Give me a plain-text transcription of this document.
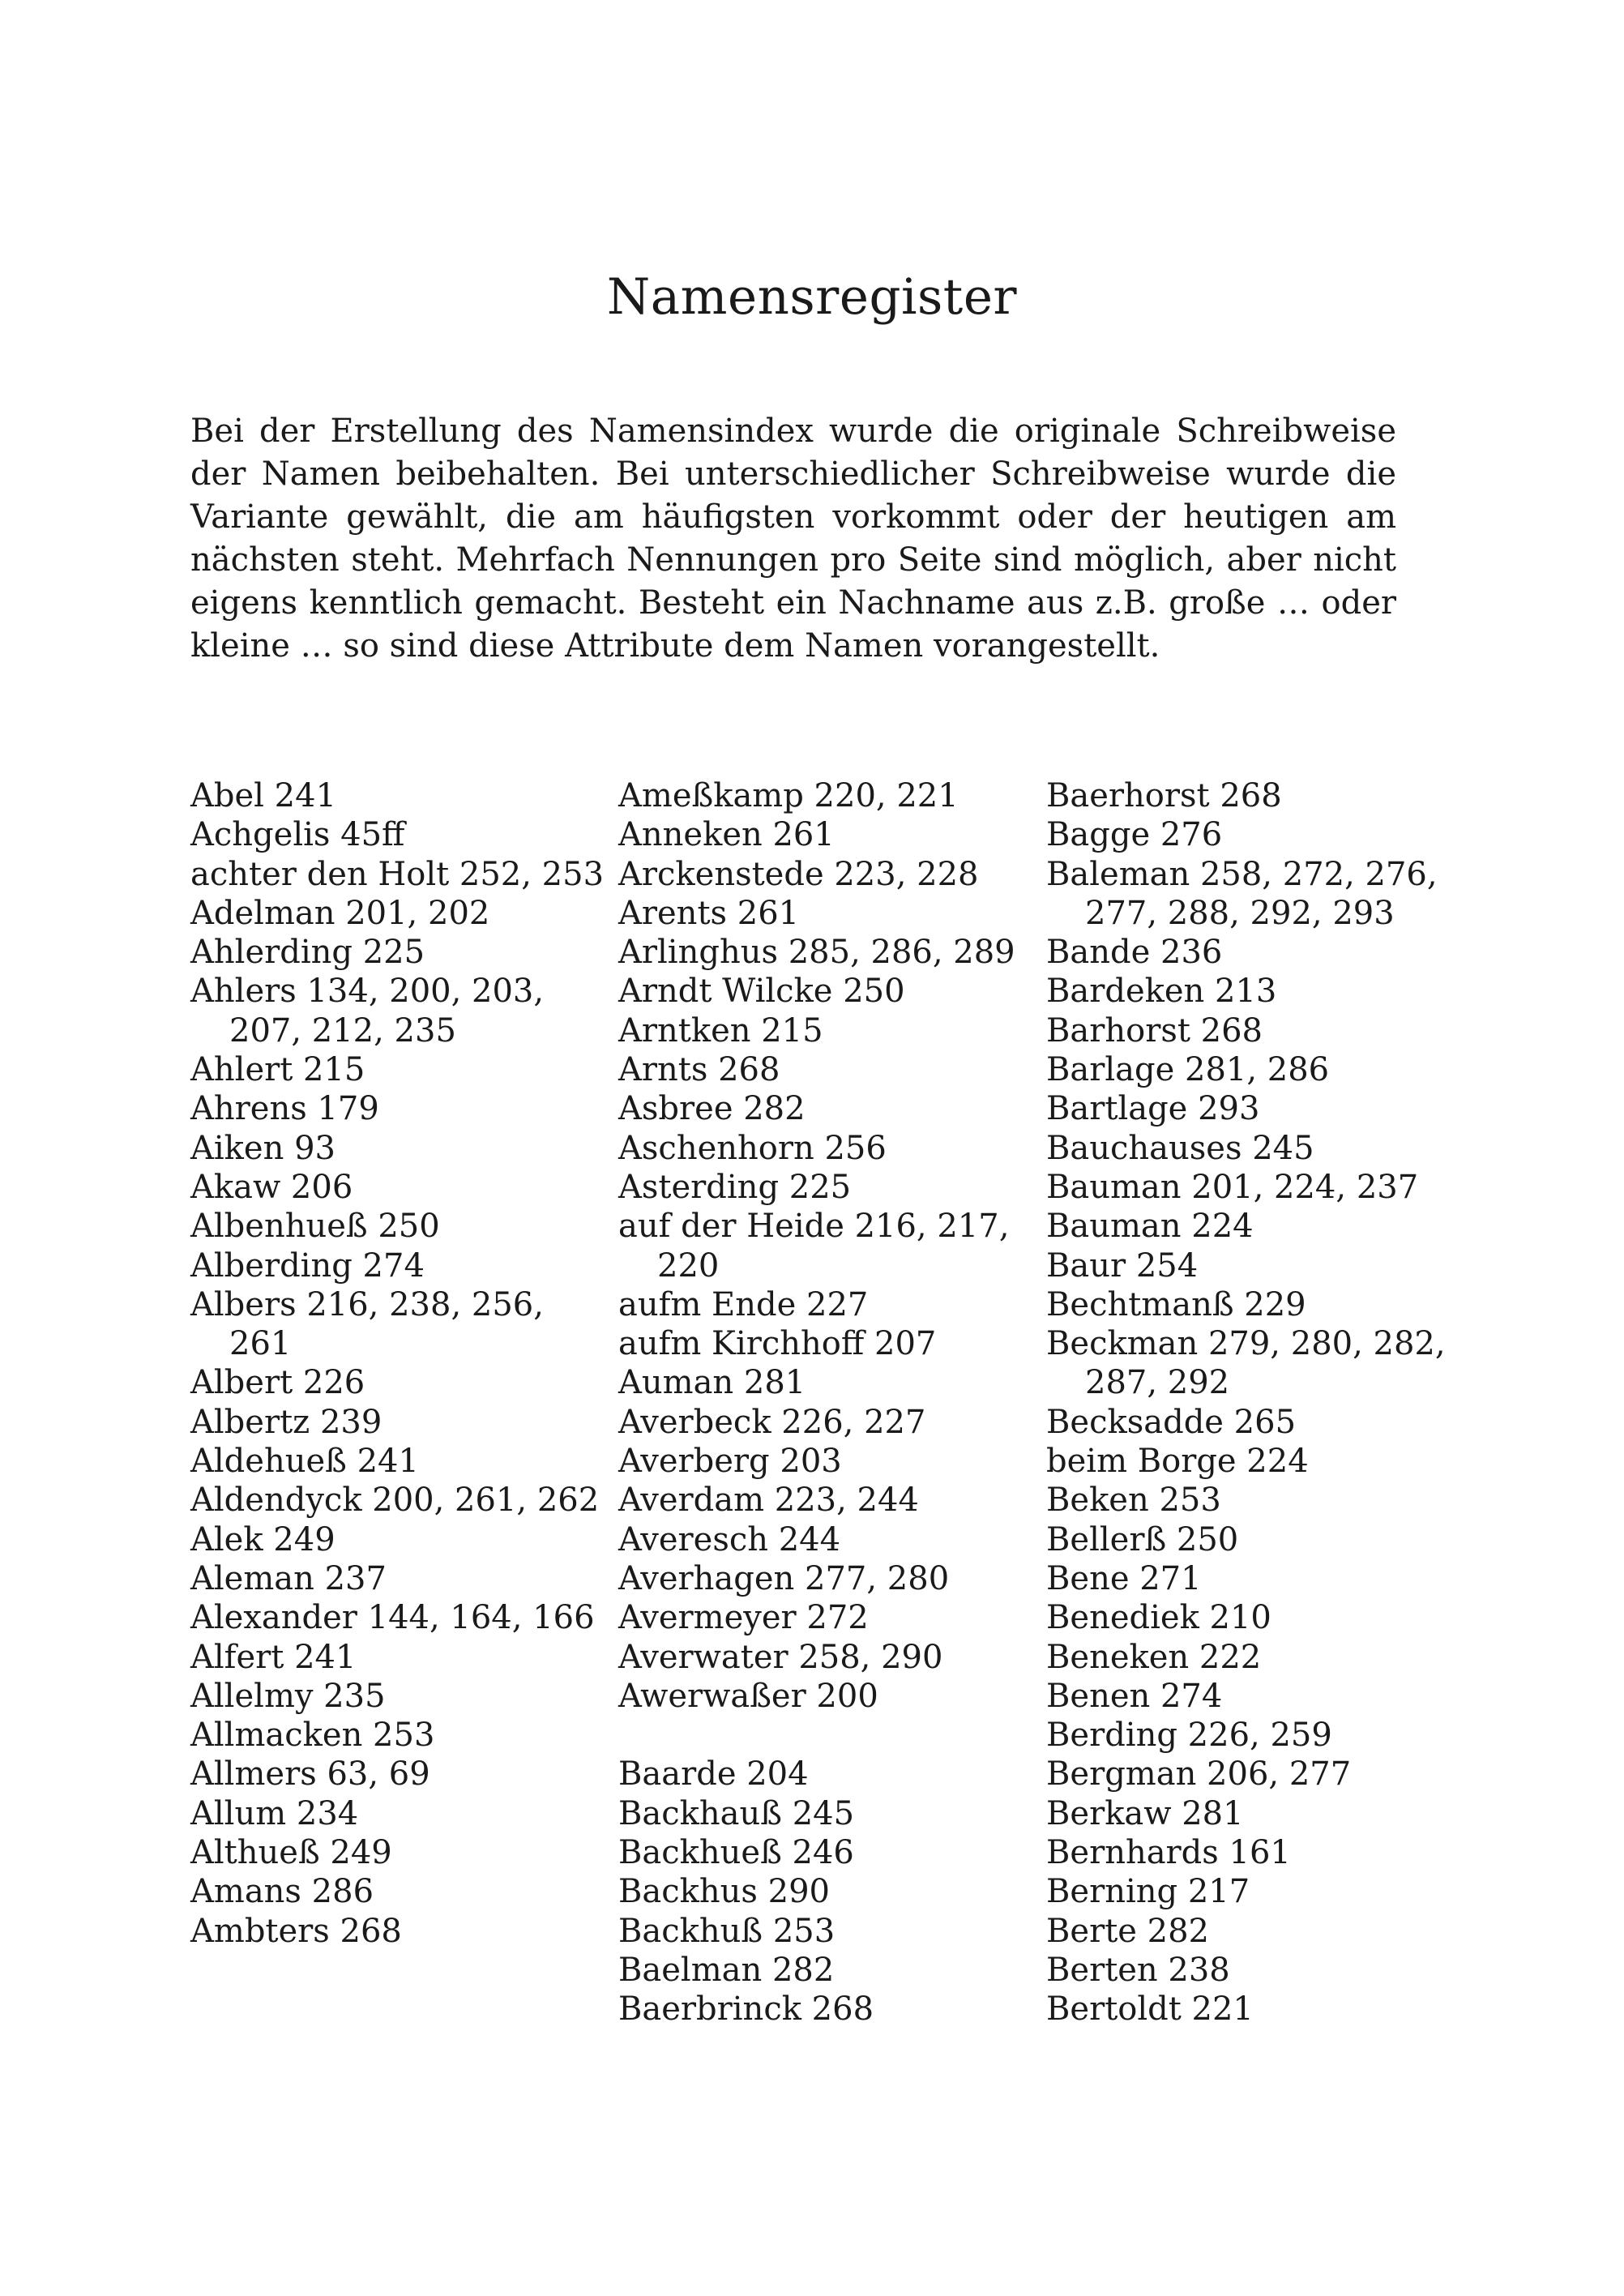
Namensregister

Bei der Erstellung des Namensindex wurde die originale Schreibweise der Namen beibehalten. Bei unterschiedlicher Schreibweise wurde die Variante gewählt, die am häufigsten vorkommt oder der heutigen am nächsten steht. Mehrfach Nennungen pro Seite sind möglich, aber nicht eigens kenntlich gemacht. Besteht ein Nachname aus z.B. große … oder kleine … so sind diese Attribute dem Namen vorangestellt.

Abel 241

Achgelis 45ff

achter den Holt 252, 253

Adelman 201, 202

Ahlerding 225

Ahlers 134, 200, 203, 207, 212, 235

Ahlert 215

Ahrens 179

Aiken 93

Akaw 206

Albenhueß 250

Alberding 274

Albers 216, 238, 256, 261

Albert 226

Albertz 239

Aldehueß 241

Aldendyck 200, 261, 262

Alek 249

Aleman 237

Alexander 144, 164, 166

Alfert 241

Allelmy 235

Allmacken 253

Allmers 63, 69

Allum 234

Althueß 249

Amans 286

Ambters 268

Ameßkamp 220, 221

Anneken 261

Arckenstede 223, 228

Arents 261

Arlinghus 285, 286, 289

Arndt Wilcke 250

Arntken 215

Arnts 268

Asbree 282

Aschenhorn 256

Asterding 225

auf der Heide 216, 217, 220

aufm Ende 227

aufm Kirchhoff 207

Auman 281

Averbeck 226, 227

Averberg 203

Averdam 223, 244

Averesch 244

Averhagen 277, 280

Avermeyer 272

Averwater 258, 290

Awerwaßer 200

Baarde 204

Backhauß 245

Backhueß 246

Backhus 290

Backhuß 253

Baelman 282

Baerbrinck 268

Baerhorst 268

Bagge 276

Baleman 258, 272, 276, 277, 288, 292, 293

Bande 236

Bardeken 213

Barhorst 268

Barlage 281, 286

Bartlage 293

Bauchauses 245

Bauman 201, 224, 237

Bauman 224

Baur 254

Bechtmanß 229

Beckman 279, 280, 282, 287, 292

Becksadde 265

beim Borge 224

Beken 253

Bellerß 250

Bene 271

Benediek 210

Beneken 222

Benen 274

Berding 226, 259

Bergman 206, 277

Berkaw 281

Bernhards 161

Berning 217

Berte 282

Berten 238

Bertoldt 221
